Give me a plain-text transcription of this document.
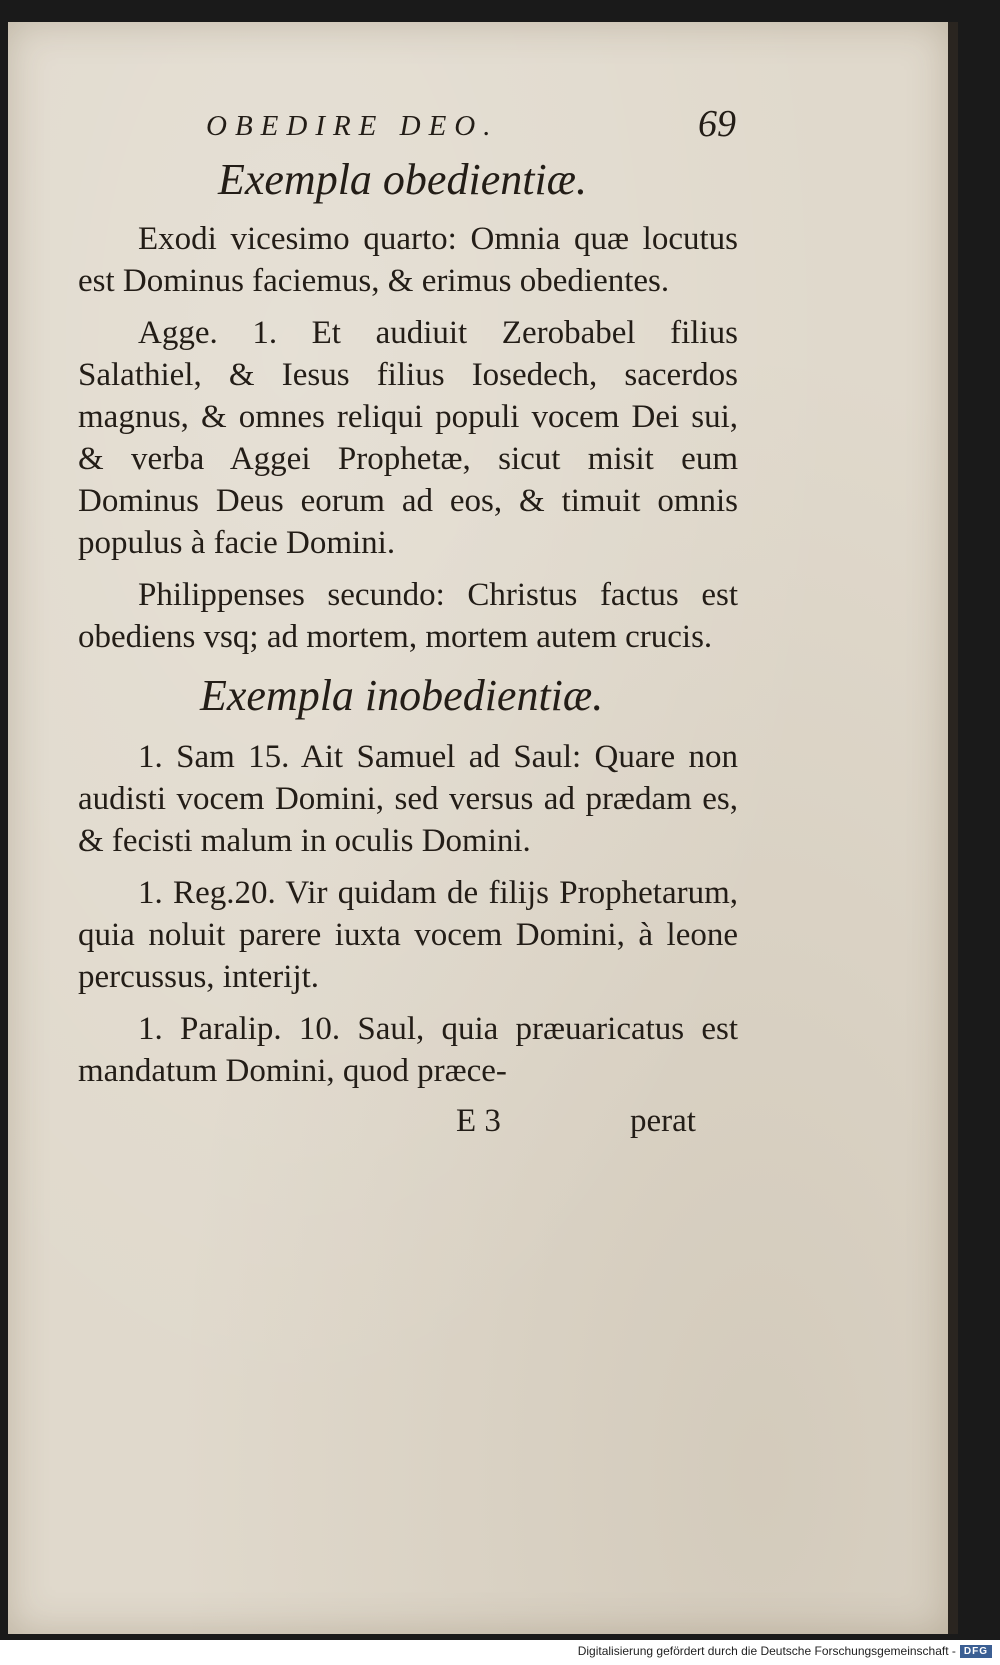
OBEDIRE DEO.	69
Exempla obedientiæ.

Exodi vicesimo quarto: Omnia quæ locutus est Dominus faciemus, & erimus obedientes.

Agge. 1. Et audiuit Zerobabel filius Salathiel, & Iesus filius Iosedech, sacerdos magnus, & omnes reliqui populi vocem Dei sui, & verba Aggei Prophetæ, sicut misit eum Dominus Deus eorum ad eos, & timuit omnis populus à facie Domini.

Philippenses secundo: Christus factus est obediens vsq; ad mortem, mortem autem crucis.

Exempla inobedientiæ.

1. Sam 15. Ait Samuel ad Saul: Quare non audisti vocem Domini, sed versus ad prædam es, & fecisti malum in oculis Domini.

1. Reg.20. Vir quidam de filijs Prophetarum, quia noluit parere iuxta vocem Domini, à leone percussus, interijt.

1. Paralip. 10. Saul, quia præuaricatus est mandatum Domini, quod præce-

E 3	perat
Digitalisierung gefördert durch die Deutsche Forschungsgemeinschaft - DFG
